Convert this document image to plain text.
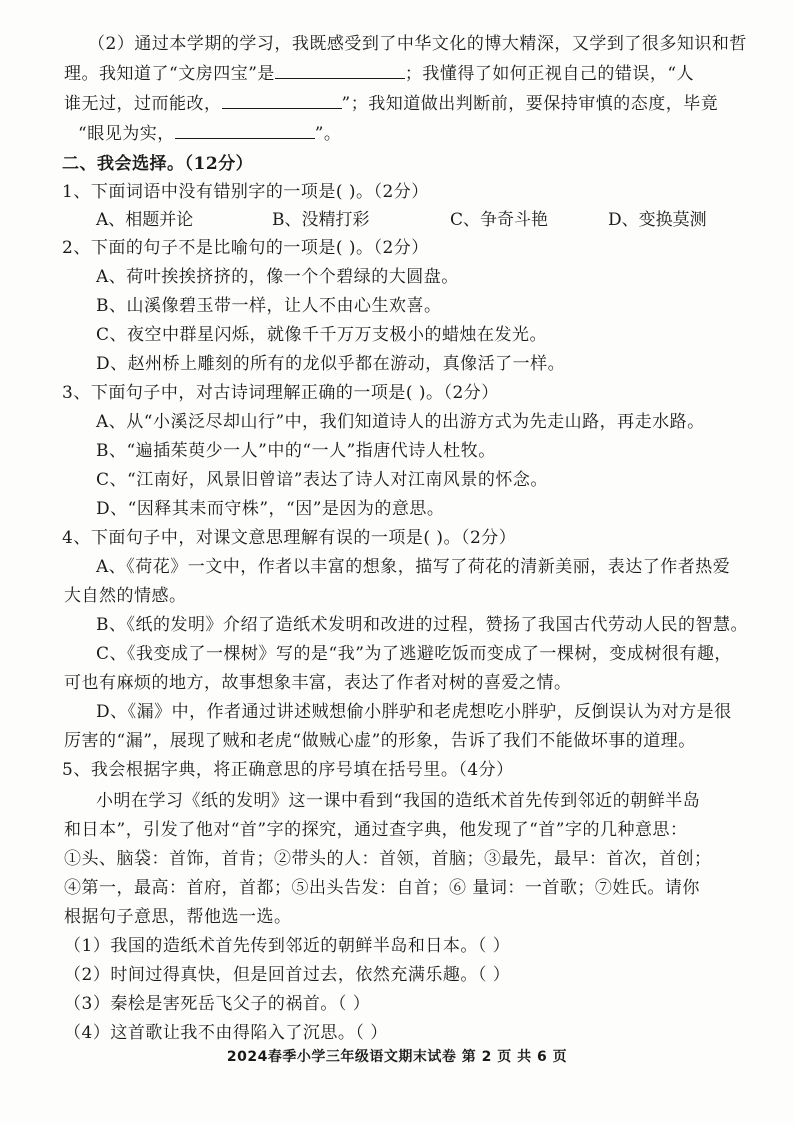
（2）通过本学期的学习，我既感受到了中华文化的博大精深，又学到了很多知识和哲
理。我知道了“文房四宝”是	；我懂得了如何正视自己的错误，“人
谁无过，过而能改，	”；我知道做出判断前，要保持审慎的态度，毕竟
“眼见为实，	”。
二、我会选择。（12分）
1、下面词语中没有错别字的一项是( )。（2分）
A、相题并论	B、没精打彩	C、争奇斗艳	D、变换莫测
2、下面的句子不是比喻句的一项是( )。（2分）
A、荷叶挨挨挤挤的，像一个个碧绿的大圆盘。
B、山溪像碧玉带一样，让人不由心生欢喜。
C、夜空中群星闪烁，就像千千万万支极小的蜡烛在发光。
D、赵州桥上雕刻的所有的龙似乎都在游动，真像活了一样。
3、下面句子中，对古诗词理解正确的一项是( )。（2分）
A、从“小溪泛尽却山行”中，我们知道诗人的出游方式为先走山路，再走水路。
B、“遍插茱萸少一人”中的“一人”指唐代诗人杜牧。
C、“江南好，风景旧曾谙”表达了诗人对江南风景的怀念。
D、“因释其耒而守株”，“因”是因为的意思。
4、下面句子中，对课文意思理解有误的一项是( )。（2分）
A、《荷花》一文中，作者以丰富的想象，描写了荷花的清新美丽，表达了作者热爱
大自然的情感。
B、《纸的发明》介绍了造纸术发明和改进的过程，赞扬了我国古代劳动人民的智慧。
C、《我变成了一棵树》写的是“我”为了逃避吃饭而变成了一棵树，变成树很有趣，
可也有麻烦的地方，故事想象丰富，表达了作者对树的喜爱之情。
D、《漏》中，作者通过讲述贼想偷小胖驴和老虎想吃小胖驴，反倒误认为对方是很
厉害的“漏”，展现了贼和老虎“做贼心虚”的形象，告诉了我们不能做坏事的道理。
5、我会根据字典，将正确意思的序号填在括号里。（4分）
小明在学习《纸的发明》这一课中看到“我国的造纸术首先传到邻近的朝鲜半岛
和日本”，引发了他对“首”字的探究，通过查字典，他发现了“首”字的几种意思：
①头、脑袋：首饰，首肯；②带头的人：首领，首脑；③最先，最早：首次，首创；
④第一，最高：首府，首都；⑤出头告发：自首；⑥ 量词：一首歌；⑦姓氏。请你
根据句子意思，帮他选一选。
（1）我国的造纸术首先传到邻近的朝鲜半岛和日本。（ ）
（2）时间过得真快，但是回首过去，依然充满乐趣。（ ）
（3）秦桧是害死岳飞父子的祸首。（ ）
（4）这首歌让我不由得陷入了沉思。（ ）
2024春季小学三年级语文期末试卷 第 2 页 共 6 页
